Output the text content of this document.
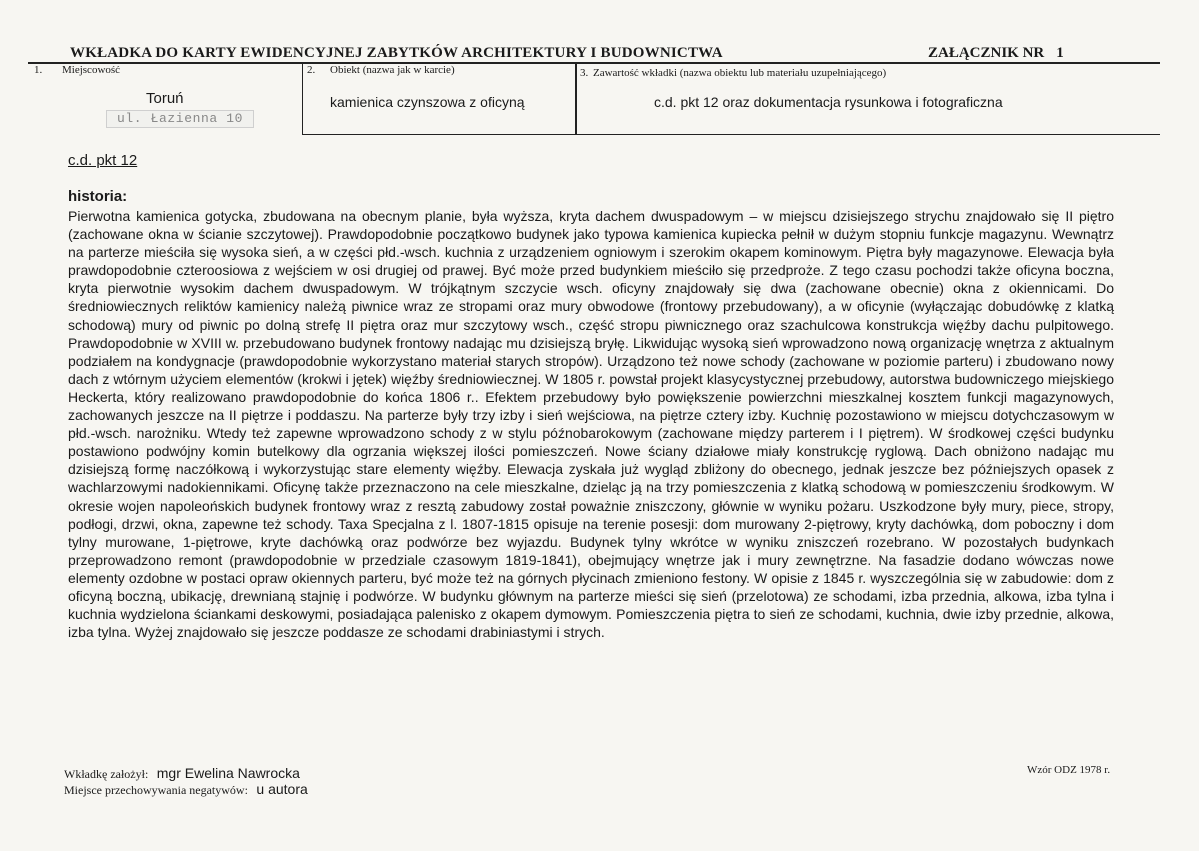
WKŁADKA DO KARTY EWIDENCYJNEJ ZABYTKÓW ARCHITEKTURY I BUDOWNICTWA	ZAŁĄCZNIK NR 1
1. Miejscowość
Toruń
ul. Łazienna 10
2. Obiekt (nazwa jak w karcie)
kamienica czynszowa z oficyną
3. Zawartość wkładki (nazwa obiektu lub materiału uzupełniającego)
c.d. pkt 12 oraz dokumentacja rysunkowa i fotograficzna
c.d. pkt 12
historia:

Pierwotna kamienica gotycka, zbudowana na obecnym planie, była wyższa, kryta dachem dwuspadowym – w miejscu dzisiejszego strychu znajdowało się II piętro (zachowane okna w ścianie szczytowej). Prawdopodobnie początkowo budynek jako typowa kamienica kupiecka pełnił w dużym stopniu funkcje magazynu. Wewnątrz na parterze mieściła się wysoka sień, a w części płd.-wsch. kuchnia z urządzeniem ogniowym i szerokim okapem kominowym. Piętra były magazynowe. Elewacja była prawdopodobnie czteroosiowa z wejściem w osi drugiej od prawej. Być może przed budynkiem mieściło się przedproże. Z tego czasu pochodzi także oficyna boczna, kryta pierwotnie wysokim dachem dwuspadowym. W trójkątnym szczycie wsch. oficyny znajdowały się dwa (zachowane obecnie) okna z okiennicami. Do średniowiecznych reliktów kamienicy należą piwnice wraz ze stropami oraz mury obwodowe (frontowy przebudowany), a w oficynie (wyłączając dobudówkę z klatką schodową) mury od piwnic po dolną strefę II piętra oraz mur szczytowy wsch., część stropu piwnicznego oraz szachulcowa konstrukcja więźby dachu pulpitowego. Prawdopodobnie w XVIII w. przebudowano budynek frontowy nadając mu dzisiejszą bryłę. Likwidując wysoką sień wprowadzono nową organizację wnętrza z aktualnym podziałem na kondygnacje (prawdopodobnie wykorzystano materiał starych stropów). Urządzono też nowe schody (zachowane w poziomie parteru) i zbudowano nowy dach z wtórnym użyciem elementów (krokwi i jętek) więźby średniowiecznej. W 1805 r. powstał projekt klasycystycznej przebudowy, autorstwa budowniczego miejskiego Heckerta, który realizowano prawdopodobnie do końca 1806 r.. Efektem przebudowy było powiększenie powierzchni mieszkalnej kosztem funkcji magazynowych, zachowanych jeszcze na II piętrze i poddaszu. Na parterze były trzy izby i sień wejściowa, na piętrze cztery izby. Kuchnię pozostawiono w miejscu dotychczasowym w płd.-wsch. narożniku. Wtedy też zapewne wprowadzono schody z w stylu późnobarokowym (zachowane między parterem i I piętrem). W środkowej części budynku postawiono podwójny komin butelkowy dla ogrzania większej ilości pomieszczeń. Nowe ściany działowe miały konstrukcję ryglową. Dach obniżono nadając mu dzisiejszą formę naczółkową i wykorzystując stare elementy więźby. Elewacja zyskała już wygląd zbliżony do obecnego, jednak jeszcze bez późniejszych opasek z wachlarzowymi nadokiennikami. Oficynę także przeznaczono na cele mieszkalne, dzieląc ją na trzy pomieszczenia z klatką schodową w pomieszczeniu środkowym. W okresie wojen napoleońskich budynek frontowy wraz z resztą zabudowy został poważnie zniszczony, głównie w wyniku pożaru. Uszkodzone były mury, piece, stropy, podłogi, drzwi, okna, zapewne też schody. Taxa Specjalna z l. 1807-1815 opisuje na terenie posesji: dom murowany 2-piętrowy, kryty dachówką, dom poboczny i dom tylny murowane, 1-piętrowe, kryte dachówką oraz podwórze bez wyjazdu. Budynek tylny wkrótce w wyniku zniszczeń rozebrano. W pozostałych budynkach przeprowadzono remont (prawdopodobnie w przedziale czasowym 1819-1841), obejmujący wnętrze jak i mury zewnętrzne. Na fasadzie dodano wówczas nowe elementy ozdobne w postaci opraw okiennych parteru, być może też na górnych płycinach zmieniono festony. W opisie z 1845 r. wyszczególnia się w zabudowie: dom z oficyną boczną, ubikację, drewnianą stajnię i podwórze. W budynku głównym na parterze mieści się sień (przelotowa) ze schodami, izba przednia, alkowa, izba tylna i kuchnia wydzielona ściankami deskowymi, posiadająca palenisko z okapem dymowym. Pomieszczenia piętra to sień ze schodami, kuchnia, dwie izby przednie, alkowa, izba tylna. Wyżej znajdowało się jeszcze poddasze ze schodami drabiniastymi i strych.

Wkładkę założył: mgr Ewelina Nawrocka
Miejsce przechowywania negatywów: u autora
Wzór ODZ 1978 r.
